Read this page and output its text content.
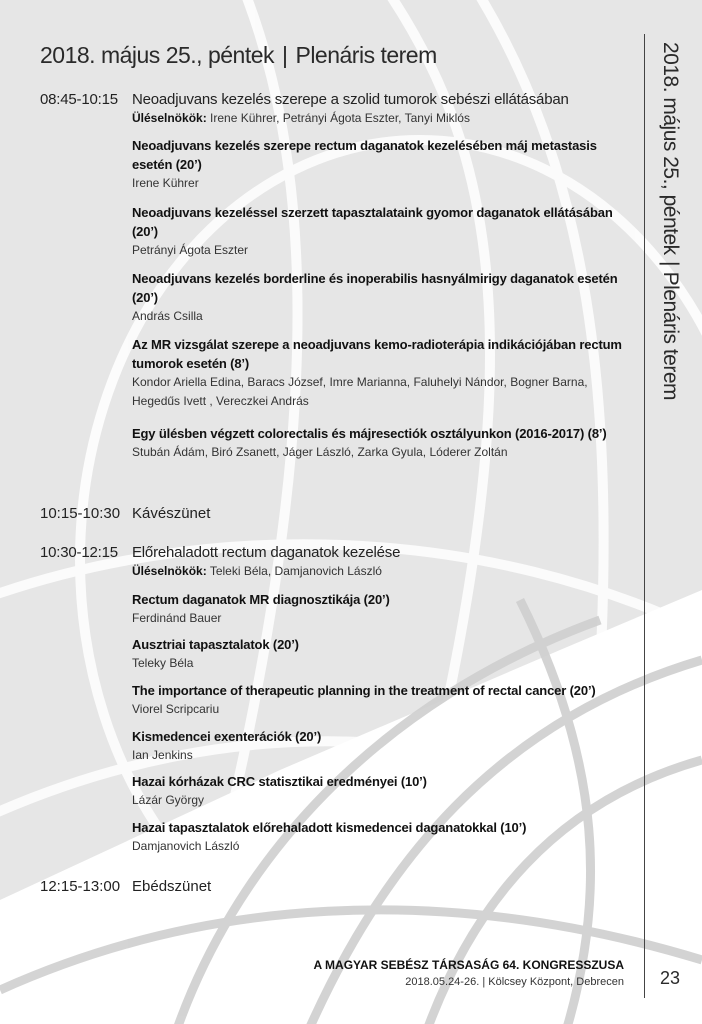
2018. május 25., péntek | Plenáris terem	2018. május 25., péntek|Plenáris terem
23
08:45-10:15 Neoadjuvans kezelés szerepe a szolid tumorok sebészi ellátásában
Üléselnökök: Irene Kührer, Petrányi Ágota Eszter, Tanyi Miklós
Neoadjuvans kezelés szerepe rectum daganatok kezelésében máj metastasis esetén (20’)
Irene Kührer
Neoadjuvans kezeléssel szerzett tapasztalataink gyomor daganatok ellátásában (20’)
Petrányi Ágota Eszter
Neoadjuvans kezelés borderline és inoperabilis hasnyálmirigy daganatok esetén (20’)
András Csilla
Az MR vizsgálat szerepe a neoadjuvans kemo-radioterápia indikációjában rectum tumorok esetén (8’)
Kondor Ariella Edina, Baracs József, Imre Marianna, Faluhelyi Nándor, Bogner Barna, Hegedűs Ivett , Vereczkei András
Egy ülésben végzett colorectalis és májresectiók osztályunkon (2016-2017) (8’)
Stubán Ádám, Biró Zsanett, Jáger László, Zarka Gyula, Lóderer Zoltán
10:15-10:30 Kávészünet
10:30-12:15 Előrehaladott rectum daganatok kezelése
Üléselnökök: Teleki Béla, Damjanovich László
Rectum daganatok MR diagnosztikája (20’)
Ferdinánd Bauer
Ausztriai tapasztalatok (20’)
Teleky Béla
The importance of therapeutic planning in the treatment of rectal cancer (20’)
Viorel Scripcariu
Kismedencei exenterációk (20’)
Ian Jenkins
Hazai kórházak CRC statisztikai eredményei (10’)
Lázár György
Hazai tapasztalatok előrehaladott kismedencei daganatokkal (10’)
Damjanovich László
12:15-13:00 Ebédszünet
A MAGYAR SEBÉSZ TÁRSASÁG 64. KONGRESSZUSA
2018.05.24-26. | Kölcsey Központ, Debrecen
